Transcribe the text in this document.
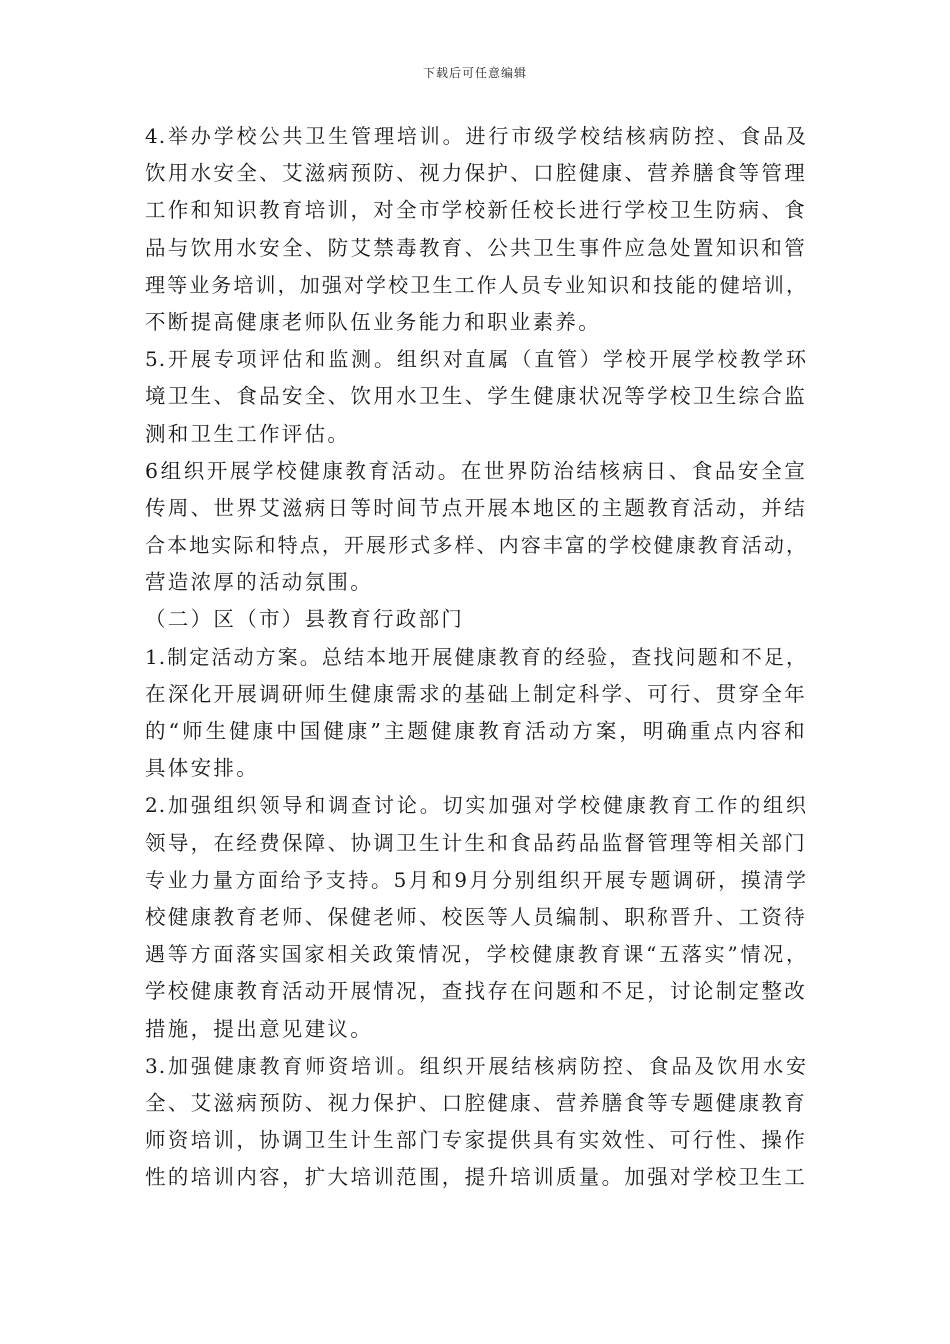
下载后可任意编辑
4.举办学校公共卫生管理培训。进行市级学校结核病防控、食品及
饮用水安全、艾滋病预防、视力保护、口腔健康、营养膳食等管理
工作和知识教育培训，对全市学校新任校长进行学校卫生防病、食
品与饮用水安全、防艾禁毒教育、公共卫生事件应急处置知识和管
理等业务培训，加强对学校卫生工作人员专业知识和技能的健培训，
不断提高健康老师队伍业务能力和职业素养。
5.开展专项评估和监测。组织对直属（直管）学校开展学校教学环
境卫生、食品安全、饮用水卫生、学生健康状况等学校卫生综合监
测和卫生工作评估。
6组织开展学校健康教育活动。在世界防治结核病日、食品安全宣
传周、世界艾滋病日等时间节点开展本地区的主题教育活动，并结
合本地实际和特点，开展形式多样、内容丰富的学校健康教育活动，
营造浓厚的活动氛围。
（二）区（市）县教育行政部门
1.制定活动方案。总结本地开展健康教育的经验，查找问题和不足，
在深化开展调研师生健康需求的基础上制定科学、可行、贯穿全年
的“师生健康中国健康”主题健康教育活动方案，明确重点内容和
具体安排。
2.加强组织领导和调查讨论。切实加强对学校健康教育工作的组织
领导，在经费保障、协调卫生计生和食品药品监督管理等相关部门
专业力量方面给予支持。5月和9月分别组织开展专题调研，摸清学
校健康教育老师、保健老师、校医等人员编制、职称晋升、工资待
遇等方面落实国家相关政策情况，学校健康教育课“五落实”情况，
学校健康教育活动开展情况，查找存在问题和不足，讨论制定整改
措施，提出意见建议。
3.加强健康教育师资培训。组织开展结核病防控、食品及饮用水安
全、艾滋病预防、视力保护、口腔健康、营养膳食等专题健康教育
师资培训，协调卫生计生部门专家提供具有实效性、可行性、操作
性的培训内容，扩大培训范围，提升培训质量。加强对学校卫生工
